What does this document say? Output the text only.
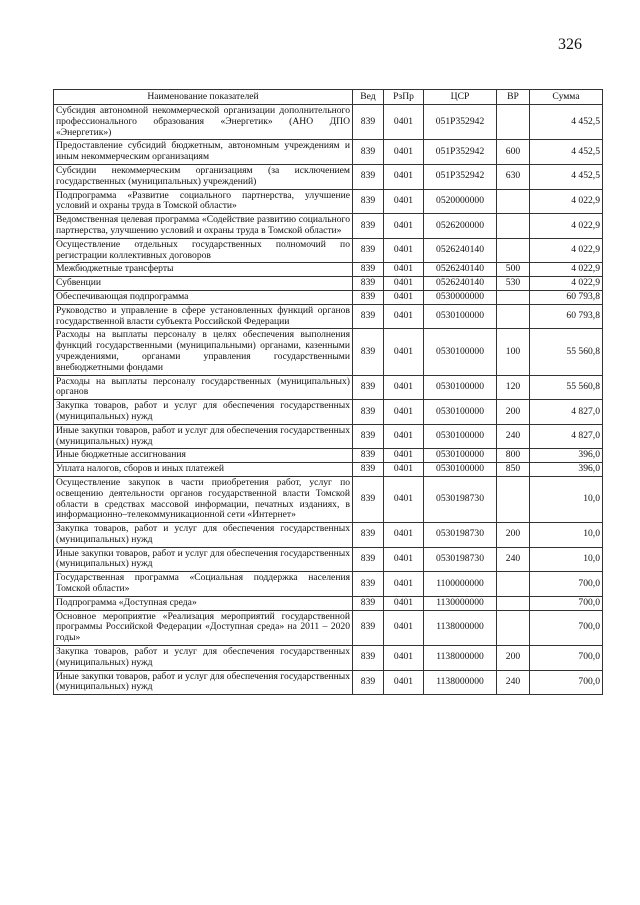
326
Наименование показателей	Вед	РзПр	ЦСР	ВР	Сумма
Субсидия автономной некоммерческой организации дополнительного профессионального образования «Энергетик» (АНО ДПО «Энергетик»)	839	0401	051P352942		4 452,5
Предоставление субсидий бюджетным, автономным учреждениям и иным некоммерческим организациям	839	0401	051P352942	600	4 452,5
Субсидии некоммерческим организациям (за исключением государственных (муниципальных) учреждений)	839	0401	051P352942	630	4 452,5
Подпрограмма «Развитие социального партнерства, улучшение условий и охраны труда в Томской области»	839	0401	0520000000		4 022,9
Ведомственная целевая программа «Содействие развитию социального партнерства, улучшению условий и охраны труда в Томской области»	839	0401	0526200000		4 022,9
Осуществление отдельных государственных полномочий по регистрации коллективных договоров	839	0401	0526240140		4 022,9
Межбюджетные трансферты	839	0401	0526240140	500	4 022,9
Субвенции	839	0401	0526240140	530	4 022,9
Обеспечивающая подпрограмма	839	0401	0530000000		60 793,8
Руководство и управление в сфере установленных функций органов государственной власти субъекта Российской Федерации	839	0401	0530100000		60 793,8
Расходы на выплаты персоналу в целях обеспечения выполнения функций государственными (муниципальными) органами, казенными учреждениями, органами управления государственными внебюджетными фондами	839	0401	0530100000	100	55 560,8
Расходы на выплаты персоналу государственных (муниципальных) органов	839	0401	0530100000	120	55 560,8
Закупка товаров, работ и услуг для обеспечения государственных (муниципальных) нужд	839	0401	0530100000	200	4 827,0
Иные закупки товаров, работ и услуг для обеспечения государственных (муниципальных) нужд	839	0401	0530100000	240	4 827,0
Иные бюджетные ассигнования	839	0401	0530100000	800	396,0
Уплата налогов, сборов и иных платежей	839	0401	0530100000	850	396,0
Осуществление закупок в части приобретения работ, услуг по освещению деятельности органов государственной власти Томской области в средствах массовой информации, печатных изданиях, в информационно–телекоммуникационной сети «Интернет»	839	0401	0530198730		10,0
Закупка товаров, работ и услуг для обеспечения государственных (муниципальных) нужд	839	0401	0530198730	200	10,0
Иные закупки товаров, работ и услуг для обеспечения государственных (муниципальных) нужд	839	0401	0530198730	240	10,0
Государственная программа «Социальная поддержка населения Томской области»	839	0401	1100000000		700,0
Подпрограмма «Доступная среда»	839	0401	1130000000		700,0
Основное мероприятие «Реализация мероприятий государственной программы Российской Федерации «Доступная среда» на 2011 – 2020 годы»	839	0401	1138000000		700,0
Закупка товаров, работ и услуг для обеспечения государственных (муниципальных) нужд	839	0401	1138000000	200	700,0
Иные закупки товаров, работ и услуг для обеспечения государственных (муниципальных) нужд	839	0401	1138000000	240	700,0
